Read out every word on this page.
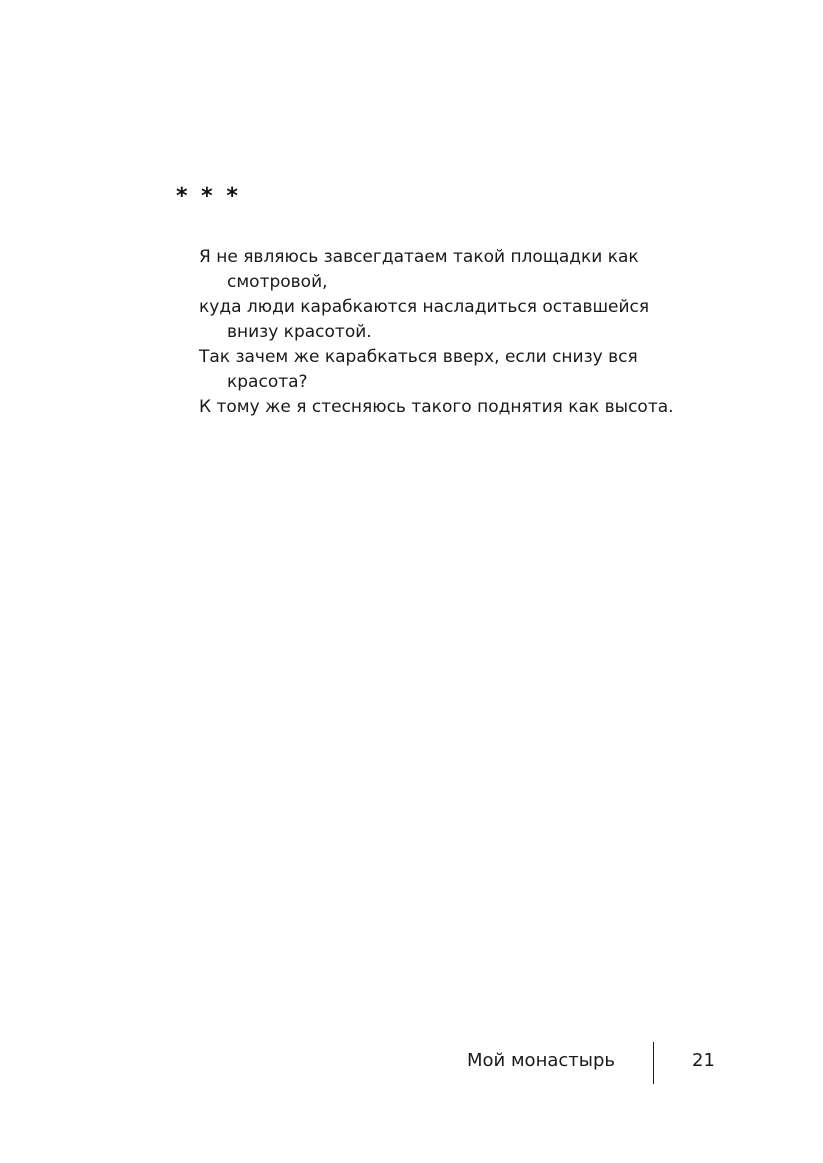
* * *
Я не являюсь завсегдатаем такой площадки как
смотровой,
куда люди карабкаются насладиться оставшейся
внизу красотой.
Так зачем же карабкаться вверх, если снизу вся
красота?
К тому же я стесняюсь такого поднятия как высота.
Мой монастырь	21
